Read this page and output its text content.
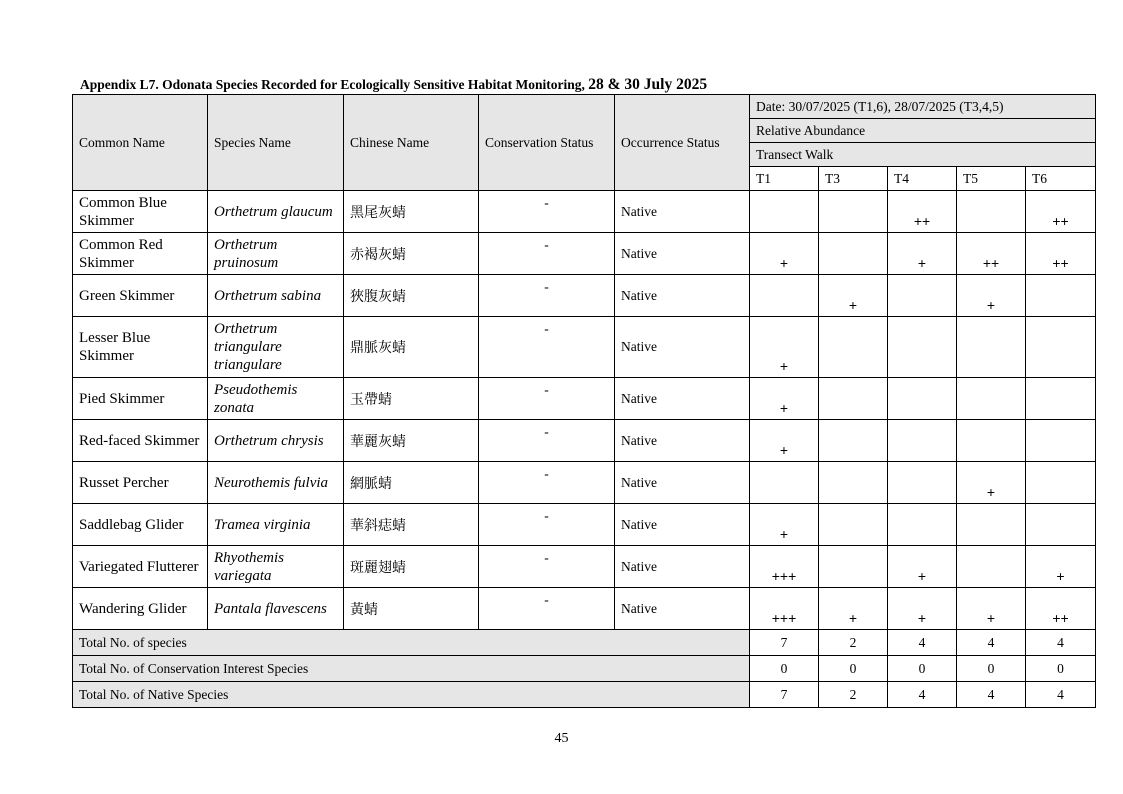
Appendix L7. Odonata Species Recorded for Ecologically Sensitive Habitat Monitoring, 28 & 30 July 2025
Common Name	Species Name	Chinese Name	Conservation Status	Occurrence Status	Date: 30/07/2025 (T1,6), 28/07/2025 (T3,4,5)				
					Relative Abundance				
					Transect Walk				
					T1	T3	T4	T5	T6
Common Blue Skimmer	Orthetrum glaucum	黑尾灰蜻	-	Native			++		++
Common Red Skimmer	Orthetrum pruinosum	赤褐灰蜻	-	Native	+		+	++	++
Green Skimmer	Orthetrum sabina	狹腹灰蜻	-	Native		+		+	
Lesser Blue Skimmer	Orthetrum triangulare triangulare	鼎脈灰蜻	-	Native	+				
Pied Skimmer	Pseudothemis zonata	玉帶蜻	-	Native	+				
Red-faced Skimmer	Orthetrum chrysis	華麗灰蜻	-	Native	+				
Russet Percher	Neurothemis fulvia	網脈蜻	-	Native				+	
Saddlebag Glider	Tramea virginia	華斜痣蜻	-	Native	+				
Variegated Flutterer	Rhyothemis variegata	斑麗翅蜻	-	Native	+++		+		+
Wandering Glider	Pantala flavescens	黃蜻	-	Native	+++	+	+	+	++
Total No. of species					7	2	4	4	4
Total No. of Conservation Interest Species					0	0	0	0	0
Total No. of Native Species					7	2	4	4	4
45
